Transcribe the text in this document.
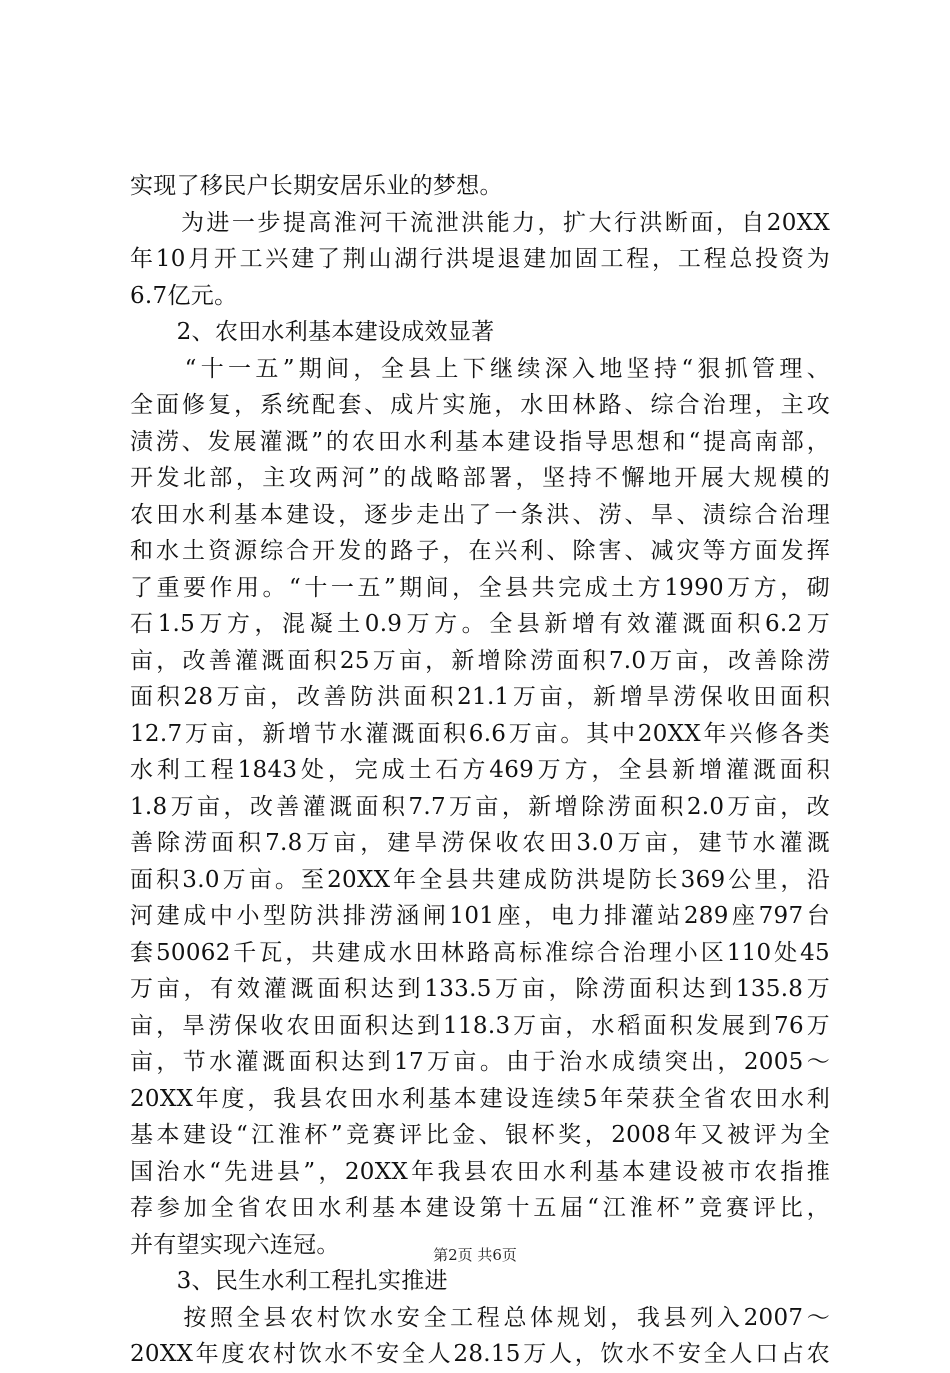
实现了移民户长期安居乐业的梦想。
　　为进一步提高淮河干流泄洪能力，扩大行洪断面，自20XX
年10月开工兴建了荆山湖行洪堤退建加固工程，工程总投资为
6.7亿元。
　　2、农田水利基本建设成效显著
　　“十一五”期间，全县上下继续深入地坚持“狠抓管理、
全面修复，系统配套、成片实施，水田林路、综合治理，主攻
渍涝、发展灌溉”的农田水利基本建设指导思想和“提高南部，
开发北部，主攻两河”的战略部署，坚持不懈地开展大规模的
农田水利基本建设，逐步走出了一条洪、涝、旱、渍综合治理
和水土资源综合开发的路子，在兴利、除害、减灾等方面发挥
了重要作用。“十一五”期间，全县共完成土方1990万方，砌
石1.5万方，混凝土0.9万方。全县新增有效灌溉面积6.2万
亩，改善灌溉面积25万亩，新增除涝面积7.0万亩，改善除涝
面积28万亩，改善防洪面积21.1万亩，新增旱涝保收田面积
12.7万亩，新增节水灌溉面积6.6万亩。其中20XX年兴修各类
水利工程1843处，完成土石方469万方，全县新增灌溉面积
1.8万亩，改善灌溉面积7.7万亩，新增除涝面积2.0万亩，改
善除涝面积7.8万亩，建旱涝保收农田3.0万亩，建节水灌溉
面积3.0万亩。至20XX年全县共建成防洪堤防长369公里，沿
河建成中小型防洪排涝涵闸101座，电力排灌站289座797台
套50062千瓦，共建成水田林路高标准综合治理小区110处45
万亩，有效灌溉面积达到133.5万亩，除涝面积达到135.8万
亩，旱涝保收农田面积达到118.3万亩，水稻面积发展到76万
亩，节水灌溉面积达到17万亩。由于治水成绩突出，2005～
20XX年度，我县农田水利基本建设连续5年荣获全省农田水利
基本建设“江淮杯”竞赛评比金、银杯奖，2008年又被评为全
国治水“先进县”，20XX年我县农田水利基本建设被市农指推
荐参加全省农田水利基本建设第十五届“江淮杯”竞赛评比，
并有望实现六连冠。
　　3、民生水利工程扎实推进
　　按照全县农村饮水安全工程总体规划，我县列入2007～
20XX年度农村饮水不安全人28.15万人，饮水不安全人口占农
第2页 共6页
